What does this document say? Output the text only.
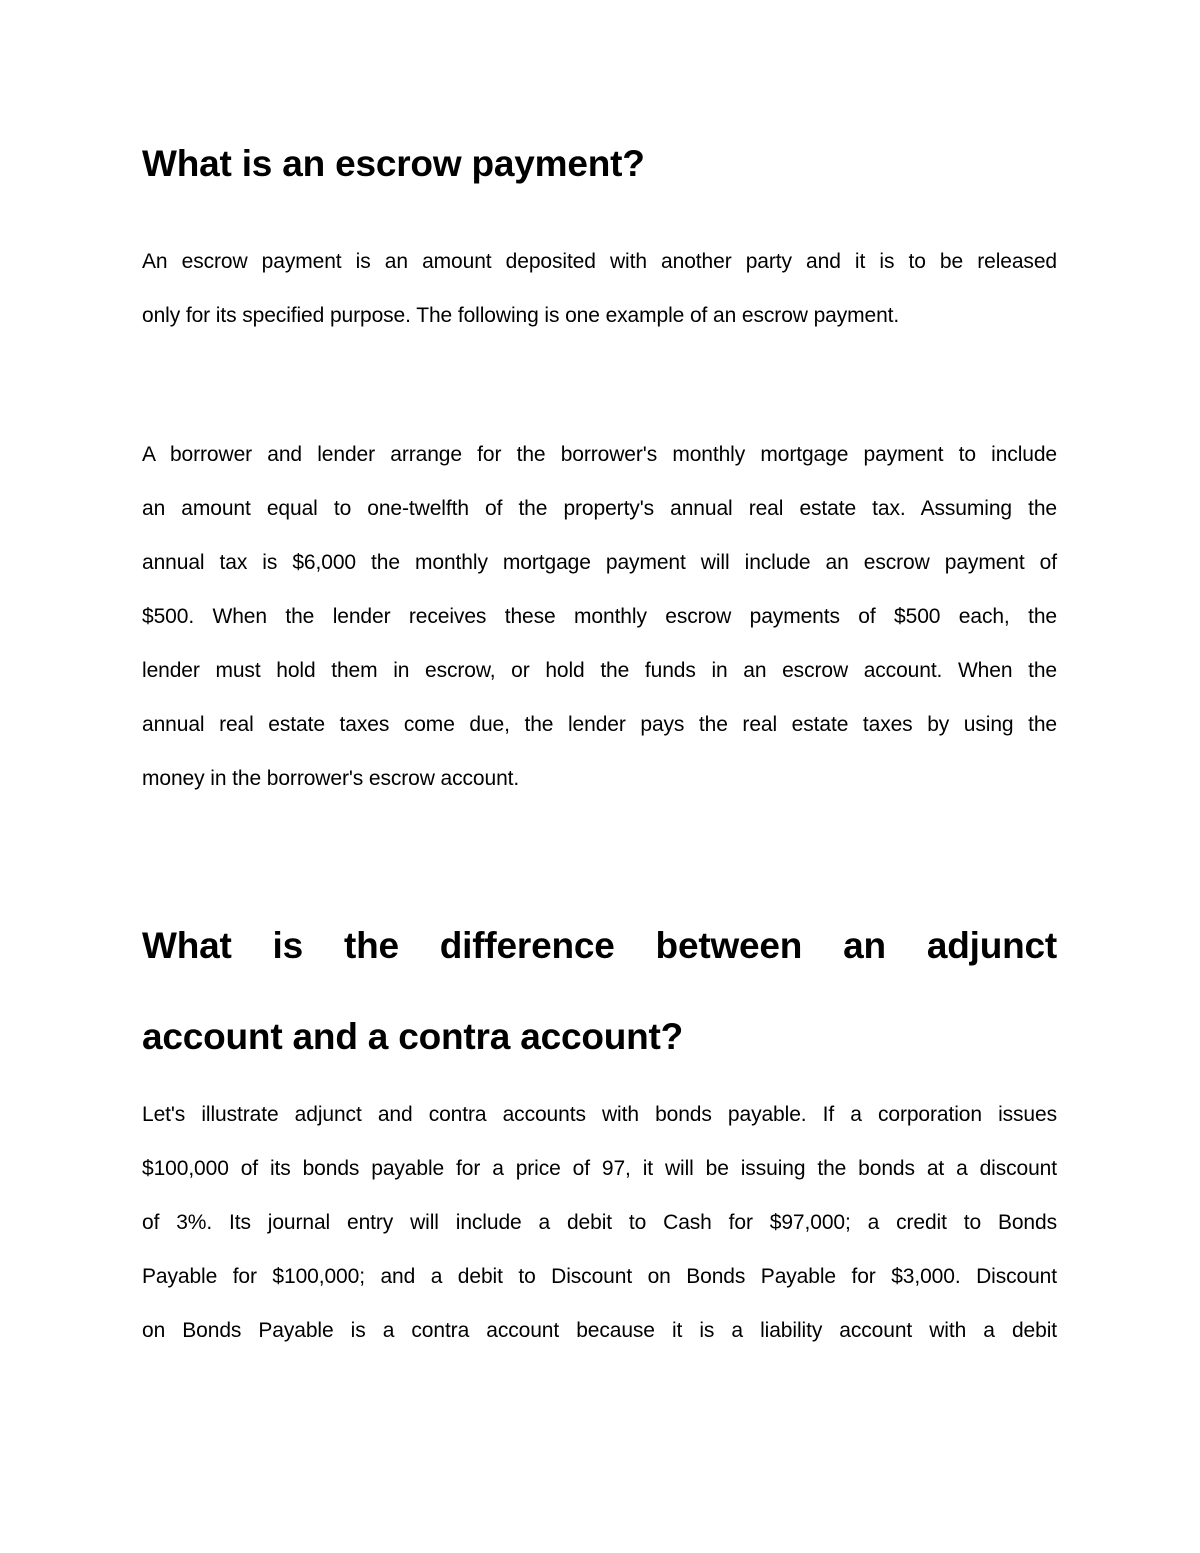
What is an escrow payment?

An escrow payment is an amount deposited with another party and it is to be released
only for its specified purpose. The following is one example of an escrow payment.

A borrower and lender arrange for the borrower's monthly mortgage payment to include
an amount equal to one-twelfth of the property's annual real estate tax. Assuming the
annual tax is $6,000 the monthly mortgage payment will include an escrow payment of
$500. When the lender receives these monthly escrow payments of $500 each, the
lender must hold them in escrow, or hold the funds in an escrow account. When the
annual real estate taxes come due, the lender pays the real estate taxes by using the
money in the borrower's escrow account.

What is the difference between an adjunct
account and a contra account?

Let's illustrate adjunct and contra accounts with bonds payable. If a corporation issues
$100,000 of its bonds payable for a price of 97, it will be issuing the bonds at a discount
of 3%. Its journal entry will include a debit to Cash for $97,000; a credit to Bonds
Payable for $100,000; and a debit to Discount on Bonds Payable for $3,000. Discount
on Bonds Payable is a contra account because it is a liability account with a debit
